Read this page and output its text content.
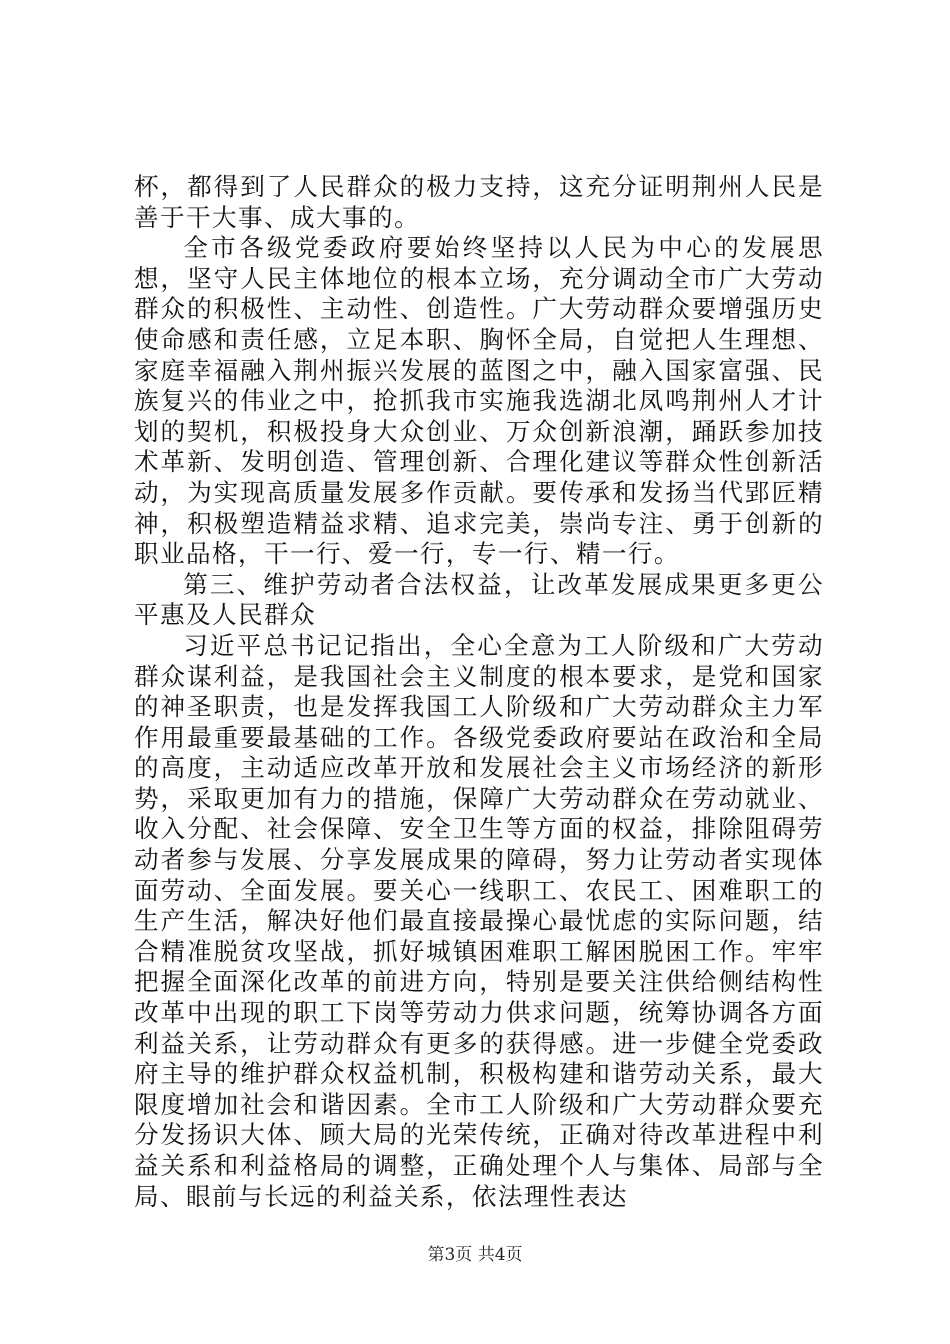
杯，都得到了人民群众的极力支持，这充分证明荆州人民是善于干大事、成大事的。

全市各级党委政府要始终坚持以人民为中心的发展思想，坚守人民主体地位的根本立场，充分调动全市广大劳动群众的积极性、主动性、创造性。广大劳动群众要增强历史使命感和责任感，立足本职、胸怀全局，自觉把人生理想、家庭幸福融入荆州振兴发展的蓝图之中，融入国家富强、民族复兴的伟业之中，抢抓我市实施我选湖北凤鸣荆州人才计划的契机，积极投身大众创业、万众创新浪潮，踊跃参加技术革新、发明创造、管理创新、合理化建议等群众性创新活动，为实现高质量发展多作贡献。要传承和发扬当代郢匠精神，积极塑造精益求精、追求完美，崇尚专注、勇于创新的职业品格，干一行、爱一行，专一行、精一行。

第三、维护劳动者合法权益，让改革发展成果更多更公平惠及人民群众

习近平总书记记指出，全心全意为工人阶级和广大劳动群众谋利益，是我国社会主义制度的根本要求，是党和国家的神圣职责，也是发挥我国工人阶级和广大劳动群众主力军作用最重要最基础的工作。各级党委政府要站在政治和全局的高度，主动适应改革开放和发展社会主义市场经济的新形势，采取更加有力的措施，保障广大劳动群众在劳动就业、收入分配、社会保障、安全卫生等方面的权益，排除阻碍劳动者参与发展、分享发展成果的障碍，努力让劳动者实现体面劳动、全面发展。要关心一线职工、农民工、困难职工的生产生活，解决好他们最直接最操心最忧虑的实际问题，结合精准脱贫攻坚战，抓好城镇困难职工解困脱困工作。牢牢把握全面深化改革的前进方向，特别是要关注供给侧结构性改革中出现的职工下岗等劳动力供求问题，统筹协调各方面利益关系，让劳动群众有更多的获得感。进一步健全党委政府主导的维护群众权益机制，积极构建和谐劳动关系，最大限度增加社会和谐因素。全市工人阶级和广大劳动群众要充分发扬识大体、顾大局的光荣传统，正确对待改革进程中利益关系和利益格局的调整，正确处理个人与集体、局部与全局、眼前与长远的利益关系，依法理性表达

第3页 共4页
